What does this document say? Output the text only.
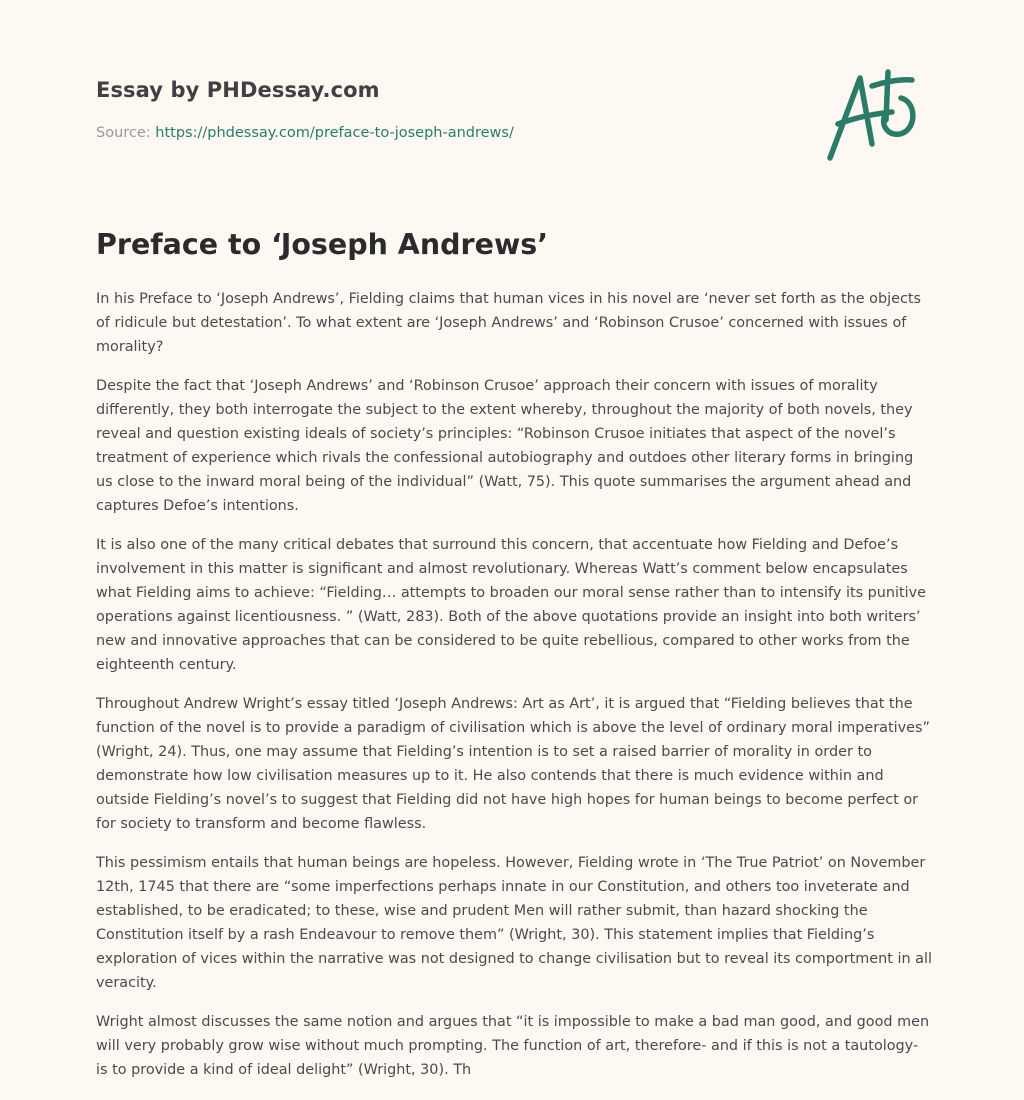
Essay by PHDessay.com
Source: https://phdessay.com/preface-to-joseph-andrews/
Preface to ‘Joseph Andrews’

In his Preface to ‘Joseph Andrews’, Fielding claims that human vices in his novel are ‘never set forth as the objects of ridicule but detestation’. To what extent are ‘Joseph Andrews’ and ‘Robinson Crusoe’ concerned with issues of morality?

Despite the fact that ‘Joseph Andrews’ and ‘Robinson Crusoe’ approach their concern with issues of morality differently, they both interrogate the subject to the extent whereby, throughout the majority of both novels, they reveal and question existing ideals of society’s principles: “Robinson Crusoe initiates that aspect of the novel’s treatment of experience which rivals the confessional autobiography and outdoes other literary forms in bringing us close to the inward moral being of the individual” (Watt, 75). This quote summarises the argument ahead and captures Defoe’s intentions.

It is also one of the many critical debates that surround this concern, that accentuate how Fielding and Defoe’s involvement in this matter is significant and almost revolutionary. Whereas Watt’s comment below encapsulates what Fielding aims to achieve: “Fielding… attempts to broaden our moral sense rather than to intensify its punitive operations against licentiousness. ” (Watt, 283). Both of the above quotations provide an insight into both writers’ new and innovative approaches that can be considered to be quite rebellious, compared to other works from the eighteenth century.

Throughout Andrew Wright’s essay titled ‘Joseph Andrews: Art as Art’, it is argued that “Fielding believes that the function of the novel is to provide a paradigm of civilisation which is above the level of ordinary moral imperatives” (Wright, 24). Thus, one may assume that Fielding’s intention is to set a raised barrier of morality in order to demonstrate how low civilisation measures up to it. He also contends that there is much evidence within and outside Fielding’s novel’s to suggest that Fielding did not have high hopes for human beings to become perfect or for society to transform and become flawless.

This pessimism entails that human beings are hopeless. However, Fielding wrote in ‘The True Patriot’ on November 12th, 1745 that there are “some imperfections perhaps innate in our Constitution, and others too inveterate and established, to be eradicated; to these, wise and prudent Men will rather submit, than hazard shocking the Constitution itself by a rash Endeavour to remove them” (Wright, 30). This statement implies that Fielding’s exploration of vices within the narrative was not designed to change civilisation but to reveal its comportment in all veracity.

Wright almost discusses the same notion and argues that “it is impossible to make a bad man good, and good men will very probably grow wise without much prompting. The function of art, therefore- and if this is not a tautology- is to provide a kind of ideal delight” (Wright, 30). Th
